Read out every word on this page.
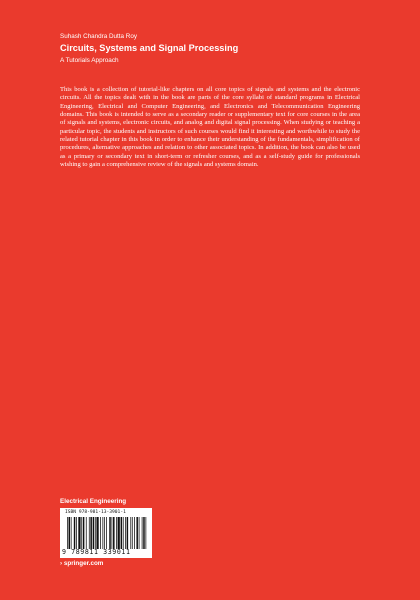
Suhash Chandra Dutta Roy
Circuits, Systems and Signal Processing
A Tutorials Approach
This book is a collection of tutorial-like chapters on all core topics of signals and systems and the electronic circuits. All the topics dealt with in the book are parts of the core syllabi of standard programs in Electrical Engineering, Electrical and Computer Engineering, and Electronics and Telecommunication Engineering domains. This book is intended to serve as a secondary reader or supplementary text for core courses in the area of signals and systems, electronic circuits, and analog and digital signal processing. When studying or teaching a particular topic, the students and instructors of such courses would find it interesting and worthwhile to study the related tutorial chapter in this book in order to enhance their understanding of the fundamentals, simplification of procedures, alternative approaches and relation to other associated topics. In addition, the book can also be used as a primary or secondary text in short-term or refresher courses, and as a self-study guide for professionals wishing to gain a comprehensive review of the signals and systems domain.
Electrical Engineering
ISBN 978-981-13-3901-1
9 789811 339011
› springer.com
